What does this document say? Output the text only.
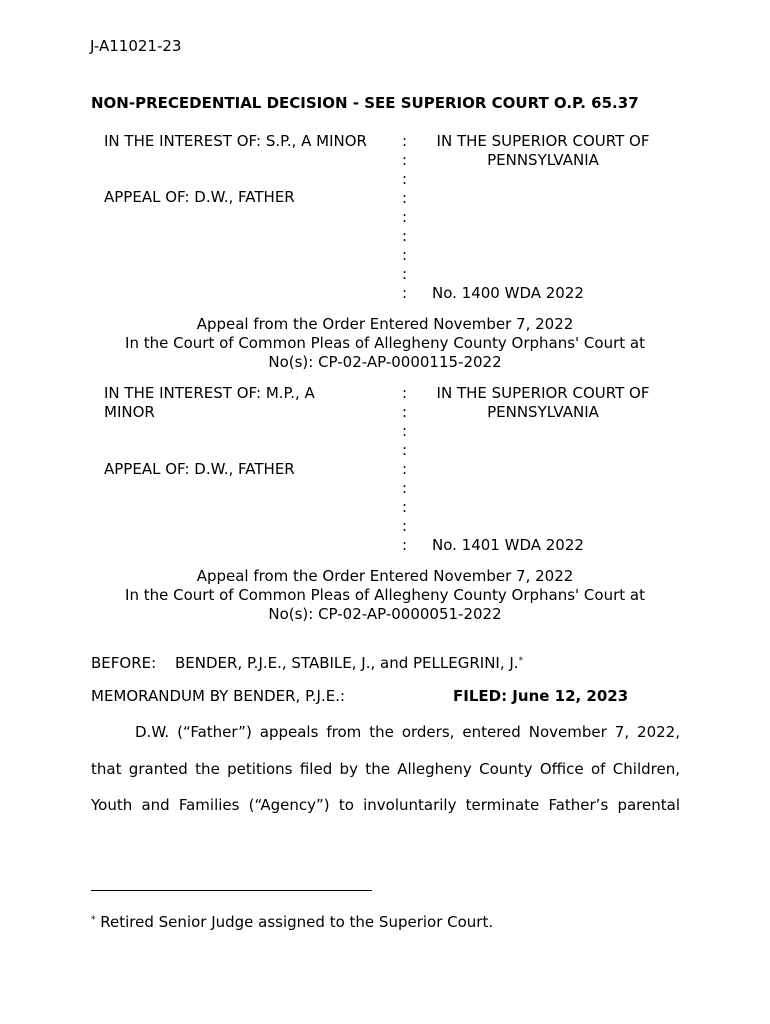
J-A11021-23
NON-PRECEDENTIAL DECISION - SEE SUPERIOR COURT O.P. 65.37
IN THE INTEREST OF: S.P., A MINOR
APPEAL OF: D.W., FATHER
:
:
:
:
:
:
:
:
IN THE SUPERIOR COURT OF
PENNSYLVANIA
: No. 1400 WDA 2022
Appeal from the Order Entered November 7, 2022
In the Court of Common Pleas of Allegheny County Orphans' Court at
No(s): CP-02-AP-0000115-2022
IN THE INTEREST OF: M.P., A
MINOR
APPEAL OF: D.W., FATHER
:
:
:
:
:
:
:
:
IN THE SUPERIOR COURT OF
PENNSYLVANIA
: No. 1401 WDA 2022
Appeal from the Order Entered November 7, 2022
In the Court of Common Pleas of Allegheny County Orphans' Court at
No(s): CP-02-AP-0000051-2022
BEFORE: BENDER, P.J.E., STABILE, J., and PELLEGRINI, J.*
MEMORANDUM BY BENDER, P.J.E.:	FILED: June 12, 2023

D.W. (“Father”) appeals from the orders, entered November 7, 2022,

that granted the petitions filed by the Allegheny County Office of Children,

Youth and Families (“Agency”) to involuntarily terminate Father’s parental

* Retired Senior Judge assigned to the Superior Court.
